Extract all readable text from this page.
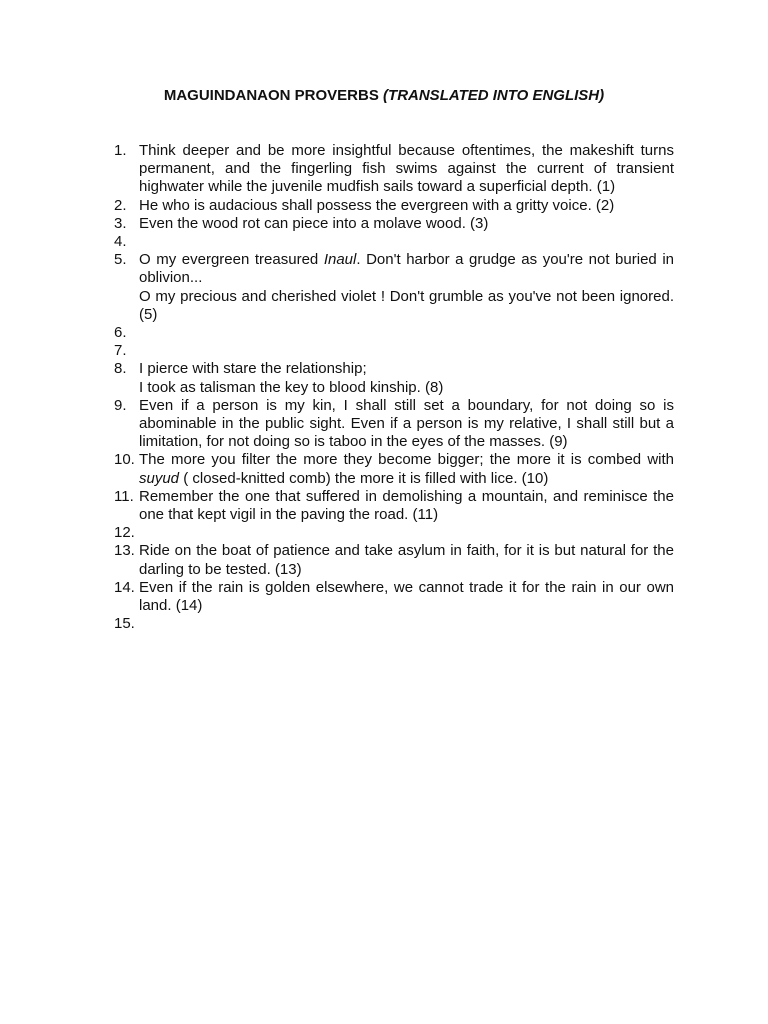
MAGUINDANAON PROVERBS (TRANSLATED INTO ENGLISH)
1. Think deeper and be more insightful because oftentimes, the makeshift turns permanent, and the fingerling fish swims against the current of transient highwater while the juvenile mudfish sails toward a superficial depth. (1)

2. He who is audacious shall possess the evergreen with a gritty voice. (2)

3. Even the wood rot can piece into a molave wood. (3)

4.
5. O my evergreen treasured Inaul. Don't harbor a grudge as you're not buried in oblivion...

O my precious and cherished violet ! Don't grumble as you've not been ignored. (5)

6.
7.
8. I pierce with stare the relationship;

I took as talisman the key to blood kinship. (8)

9. Even if a person is my kin, I shall still set a boundary, for not doing so is abominable in the public sight. Even if a person is my relative, I shall still but a limitation, for not doing so is taboo in the eyes of the masses. (9)

10. The more you filter the more they become bigger; the more it is combed with suyud ( closed-knitted comb) the more it is filled with lice. (10)

11. Remember the one that suffered in demolishing a mountain, and reminisce the one that kept vigil in the paving the road. (11)

12.
13. Ride on the boat of patience and take asylum in faith, for it is but natural for the darling to be tested. (13)

14. Even if the rain is golden elsewhere, we cannot trade it for the rain in our own land. (14)

15.
